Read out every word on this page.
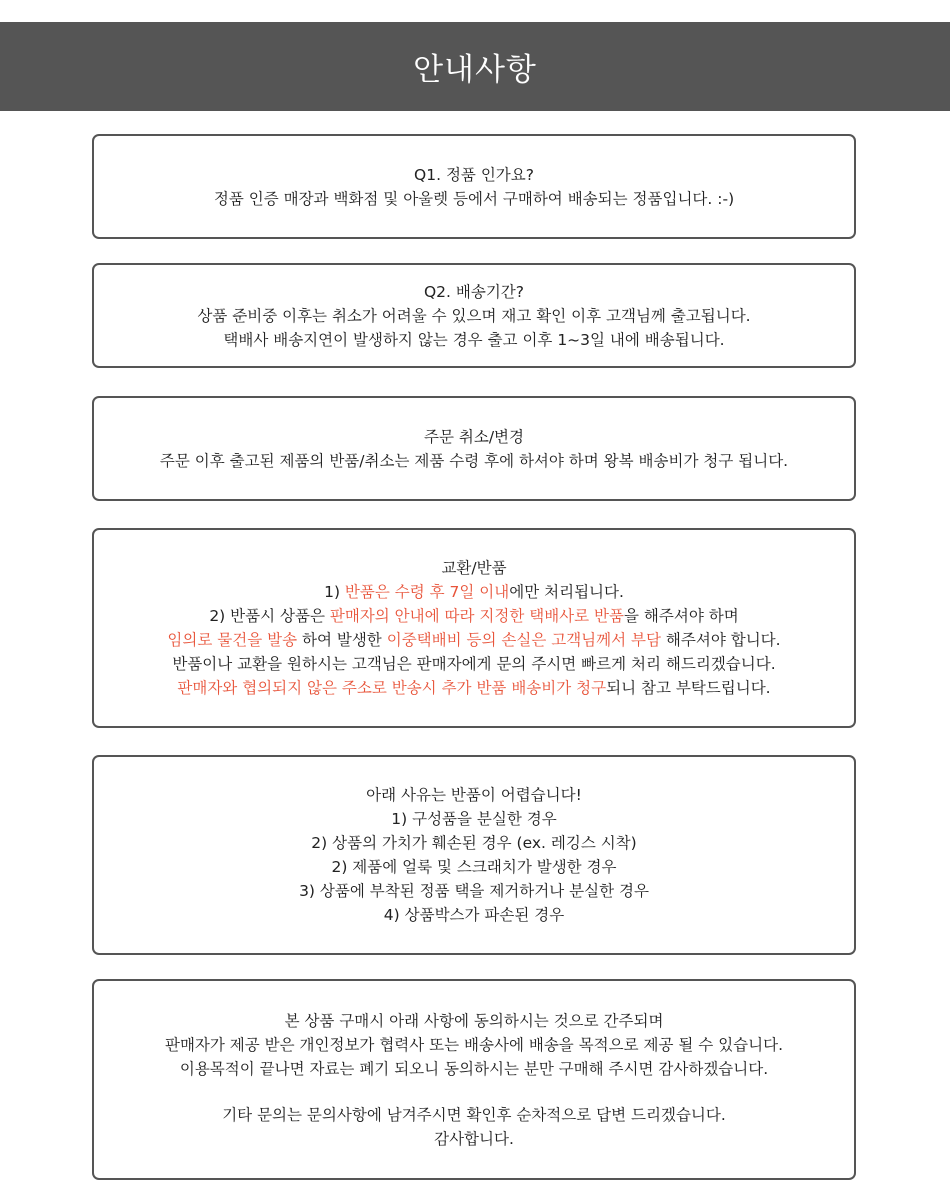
안내사항

Q1. 정품 인가요?

정품 인증 매장과 백화점 및 아울렛 등에서 구매하여 배송되는 정품입니다. :-)

Q2. 배송기간?

상품 준비중 이후는 취소가 어려울 수 있으며 재고 확인 이후 고객님께 출고됩니다.

택배사 배송지연이 발생하지 않는 경우 출고 이후 1~3일 내에 배송됩니다.

주문 취소/변경

주문 이후 출고된 제품의 반품/취소는 제품 수령 후에 하셔야 하며 왕복 배송비가 청구 됩니다.

교환/반품

1) 반품은 수령 후 7일 이내에만 처리됩니다.

2) 반품시 상품은 판매자의 안내에 따라 지정한 택배사로 반품을 해주셔야 하며

임의로 물건을 발송 하여 발생한 이중택배비 등의 손실은 고객님께서 부담 해주셔야 합니다.

반품이나 교환을 원하시는 고객님은 판매자에게 문의 주시면 빠르게 처리 해드리겠습니다.

판매자와 협의되지 않은 주소로 반송시 추가 반품 배송비가 청구되니 참고 부탁드립니다.

아래 사유는 반품이 어렵습니다!

1) 구성품을 분실한 경우

2) 상품의 가치가 훼손된 경우 (ex. 레깅스 시착)

2) 제품에 얼룩 및 스크래치가 발생한 경우

3) 상품에 부착된 정품 택을 제거하거나 분실한 경우

4) 상품박스가 파손된 경우

본 상품 구매시 아래 사항에 동의하시는 것으로 간주되며

판매자가 제공 받은 개인정보가 협력사 또는 배송사에 배송을 목적으로 제공 될 수 있습니다.

이용목적이 끝나면 자료는 폐기 되오니 동의하시는 분만 구매해 주시면 감사하겠습니다.

기타 문의는 문의사항에 남겨주시면 확인후 순차적으로 답변 드리겠습니다.

감사합니다.
